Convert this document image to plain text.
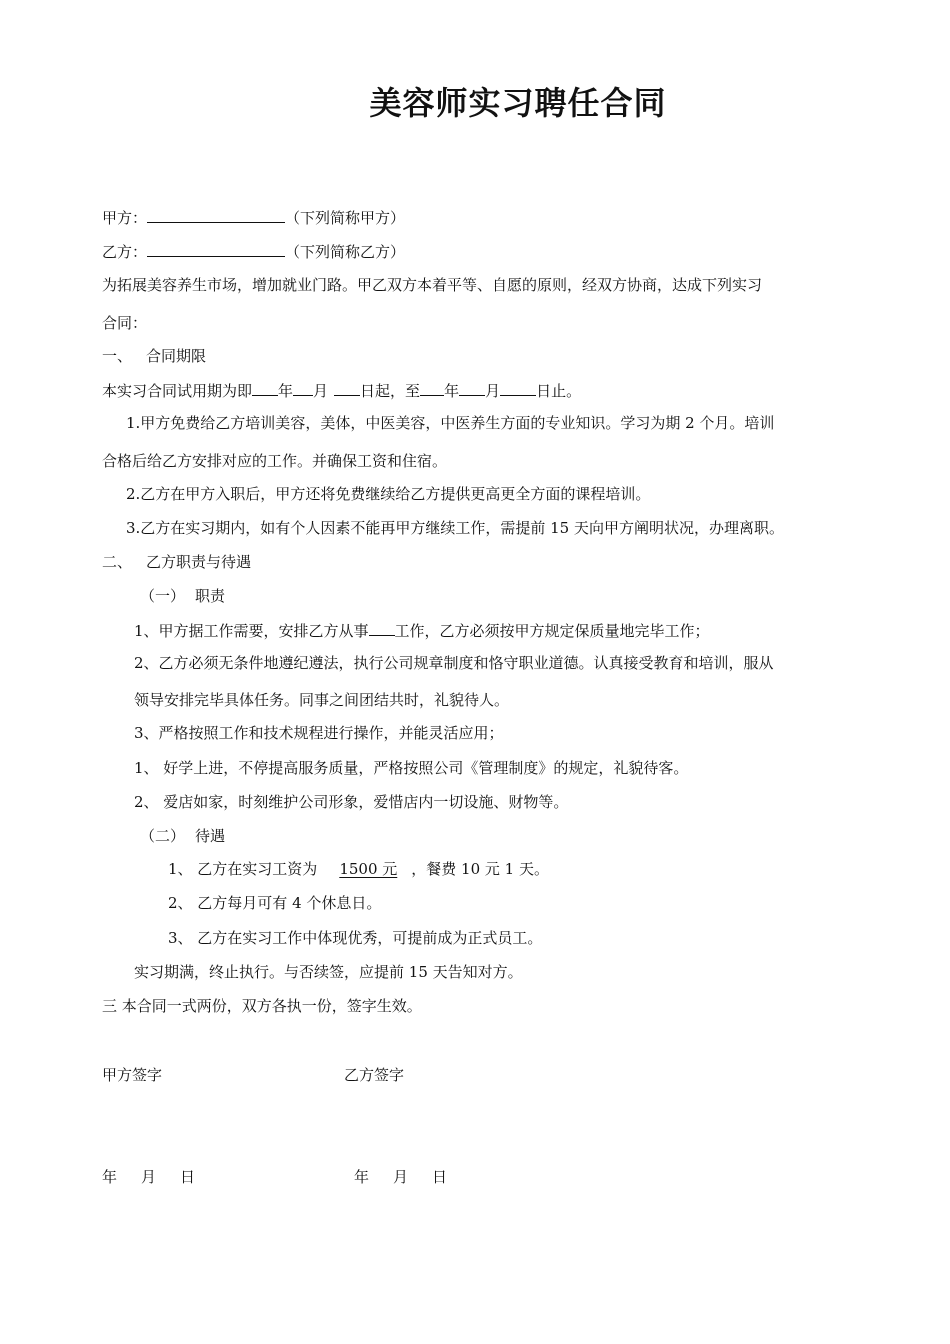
美容师实习聘任合同
甲方：	（下列简称甲方）
乙方：	（下列简称乙方）
为拓展美容养生市场，增加就业门路。甲乙双方本着平等、自愿的原则，经双方协商，达成下列实习
合同：
一、 合同期限
本实习合同试用期为即 年 月 日起，至 年 月 日止。
1.甲方免费给乙方培训美容，美体，中医美容，中医养生方面的专业知识。学习为期 2 个月。培训
合格后给乙方安排对应的工作。并确保工资和住宿。
2.乙方在甲方入职后，甲方还将免费继续给乙方提供更高更全方面的课程培训。
3.乙方在实习期内，如有个人因素不能再甲方继续工作，需提前 15 天向甲方阐明状况，办理离职。
二、 乙方职责与待遇
（一） 职责
1、甲方据工作需要，安排乙方从事 工作，乙方必须按甲方规定保质量地完毕工作；
2、乙方必须无条件地遵纪遵法，执行公司规章制度和恪守职业道德。认真接受教育和培训，服从
领导安排完毕具体任务。同事之间团结共时，礼貌待人。
3、严格按照工作和技术规程进行操作，并能灵活应用；
1、 好学上进，不停提高服务质量，严格按照公司《管理制度》的规定，礼貌待客。
2、 爱店如家，时刻维护公司形象，爱惜店内一切设施、财物等。
（二） 待遇
1、 乙方在实习工资为 1500 元 ，餐费 10 元 1 天。
2、 乙方每月可有 4 个休息日。
3、 乙方在实习工作中体现优秀，可提前成为正式员工。
实习期满，终止执行。与否续签，应提前 15 天告知对方。
三 本合同一式两份，双方各执一份，签字生效。
甲方签字	乙方签字
年 月 日	年 月 日
